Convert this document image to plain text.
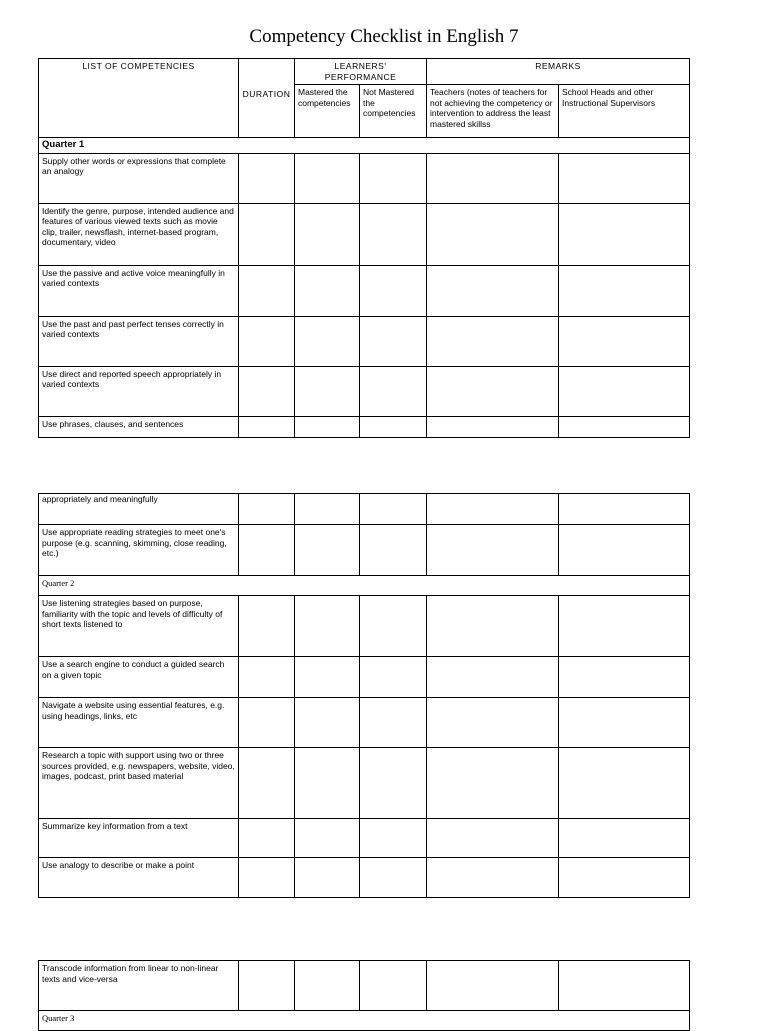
Competency Checklist in English 7
LIST OF COMPETENCIES	DURATION	LEARNERS' PERFORMANCE		REMARKS	
		Mastered the competencies	Not Mastered the competencies	Teachers (notes of teachers for not achieving the competency or intervention to address the least mastered skillss	School Heads and other Instructional Supervisors
Quarter 1					
Supply other words or expressions that complete an analogy					
Identify the genre, purpose, intended audience and features of various viewed texts such as movie clip, trailer, newsflash, internet-based program, documentary, video					
Use the passive and active voice meaningfully in varied contexts					
Use the past and past perfect tenses correctly in varied contexts					
Use direct and reported speech appropriately in varied contexts					
Use phrases, clauses, and sentences					
appropriately and meaningfully					
Use appropriate reading strategies to meet one's purpose (e.g. scanning, skimming, close reading, etc.)					
Quarter 2					
Use listening strategies based on purpose, familiarity with the topic and levels of difficulty of short texts listened to					
Use a search engine to conduct a guided search on a given topic					
Navigate a website using essential features, e.g. using headings, links, etc					
Research a topic with support using two or three sources provided, e.g. newspapers, website, video, images, podcast, print based material					
Summarize key information from a text					
Use analogy to describe or make a point					
Transcode information from linear to non-linear texts and vice-versa					
Quarter 3
